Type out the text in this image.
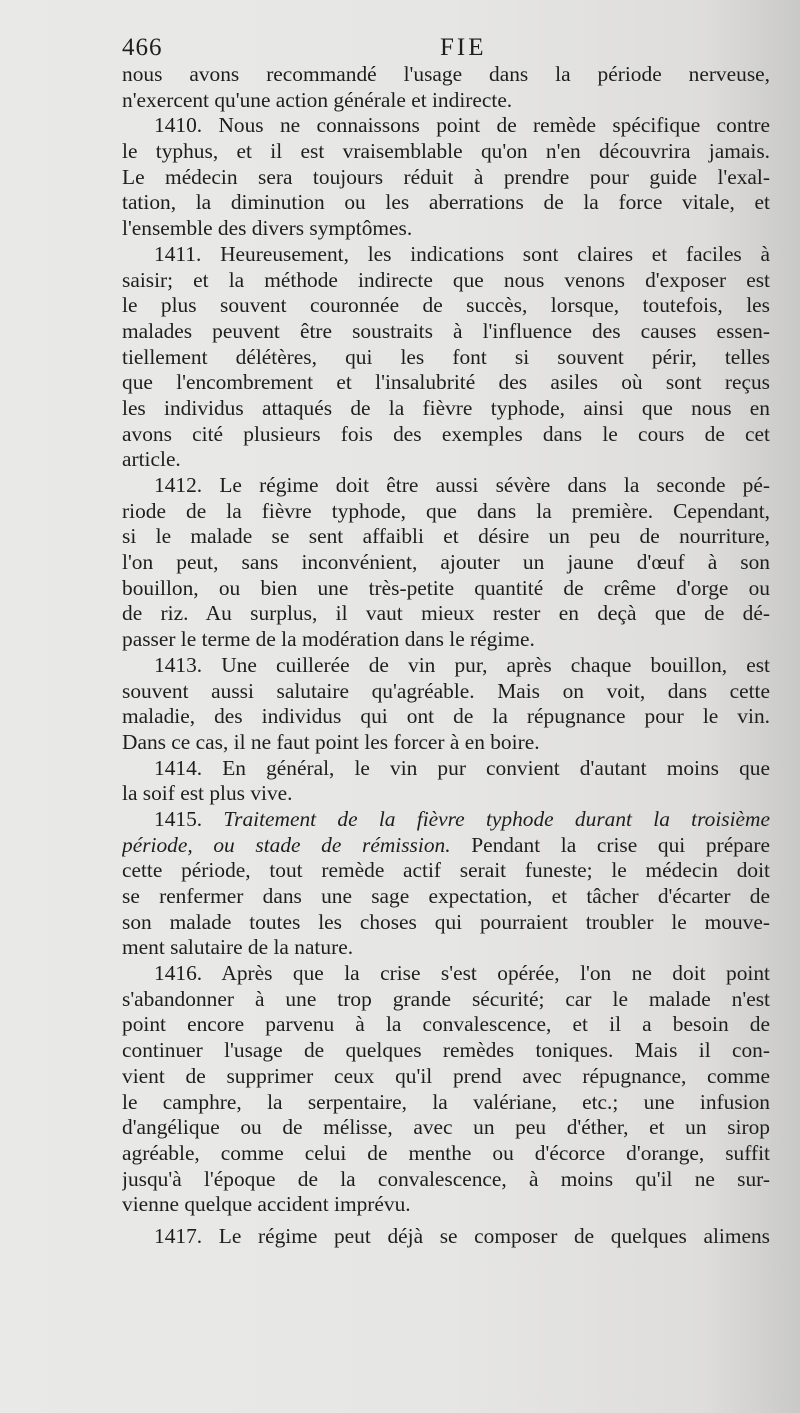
466	FIE
nous avons recommandé l'usage dans la période nerveuse,
n'exercent qu'une action générale et indirecte.
1410. Nous ne connaissons point de remède spécifique contre
le typhus, et il est vraisemblable qu'on n'en découvrira jamais.
Le médecin sera toujours réduit à prendre pour guide l'exal-
tation, la diminution ou les aberrations de la force vitale, et
l'ensemble des divers symptômes.
1411. Heureusement, les indications sont claires et faciles à
saisir; et la méthode indirecte que nous venons d'exposer est
le plus souvent couronnée de succès, lorsque, toutefois, les
malades peuvent être soustraits à l'influence des causes essen-
tiellement délétères, qui les font si souvent périr, telles
que l'encombrement et l'insalubrité des asiles où sont reçus
les individus attaqués de la fièvre typhode, ainsi que nous en
avons cité plusieurs fois des exemples dans le cours de cet
article.
1412. Le régime doit être aussi sévère dans la seconde pé-
riode de la fièvre typhode, que dans la première. Cependant,
si le malade se sent affaibli et désire un peu de nourriture,
l'on peut, sans inconvénient, ajouter un jaune d'œuf à son
bouillon, ou bien une très-petite quantité de crême d'orge ou
de riz. Au surplus, il vaut mieux rester en deçà que de dé-
passer le terme de la modération dans le régime.
1413. Une cuillerée de vin pur, après chaque bouillon, est
souvent aussi salutaire qu'agréable. Mais on voit, dans cette
maladie, des individus qui ont de la répugnance pour le vin.
Dans ce cas, il ne faut point les forcer à en boire.
1414. En général, le vin pur convient d'autant moins que
la soif est plus vive.
1415. Traitement de la fièvre typhode durant la troisième
période, ou stade de rémission. Pendant la crise qui prépare
cette période, tout remède actif serait funeste; le médecin doit
se renfermer dans une sage expectation, et tâcher d'écarter de
son malade toutes les choses qui pourraient troubler le mouve-
ment salutaire de la nature.
1416. Après que la crise s'est opérée, l'on ne doit point
s'abandonner à une trop grande sécurité; car le malade n'est
point encore parvenu à la convalescence, et il a besoin de
continuer l'usage de quelques remèdes toniques. Mais il con-
vient de supprimer ceux qu'il prend avec répugnance, comme
le camphre, la serpentaire, la valériane, etc.; une infusion
d'angélique ou de mélisse, avec un peu d'éther, et un sirop
agréable, comme celui de menthe ou d'écorce d'orange, suffit
jusqu'à l'époque de la convalescence, à moins qu'il ne sur-
vienne quelque accident imprévu.
1417. Le régime peut déjà se composer de quelques alimens
